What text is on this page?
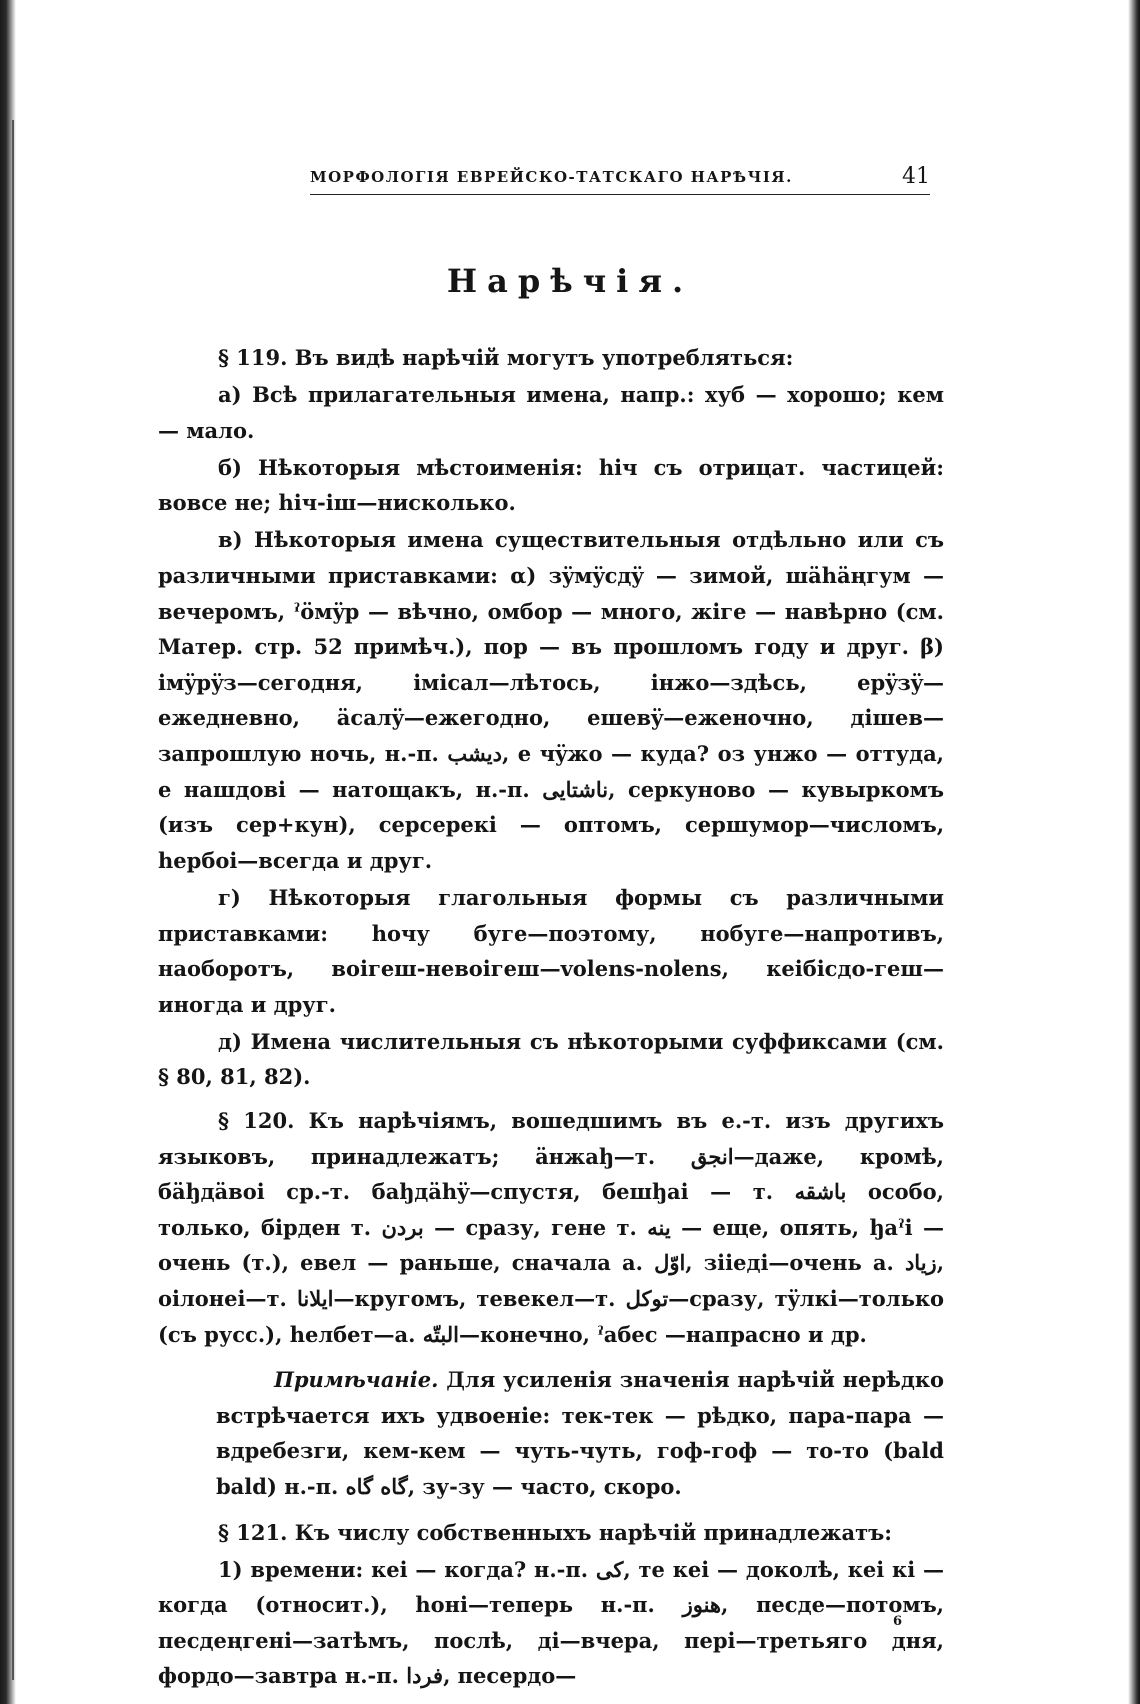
МОРФОЛОГІЯ ЕВРЕЙСКО-ТАТСКАГО НАРѢЧІЯ.	41
Нарѣчія.

§ 119. Въ видѣ нарѣчій могутъ употребляться:

а) Всѣ прилагательныя имена, напр.: хуб — хорошо; кем — мало.

б) Нѣкоторыя мѣстоименія: hiч съ отрицат. частицей: вовсе не; hiч-iш—нисколько.

в) Нѣкоторыя имена существительныя отдѣльно или съ различными приставками: α) зÿмÿсдÿ — зимой, шähäңгум — вечеромъ, ˀöмÿр — вѣчно, омбор — много, жiге — навѣрно (см. Матер. стр. 52 примѣч.), пор — въ прошломъ году и друг. β) iмÿрÿз—сегодня, iмiсал—лѣтось, iнжо—здѣсь, ерÿзÿ—ежедневно, äсалÿ—ежегодно, ешевÿ—еженочно, дiшев—запрошлую ночь, н.-п. دیشب, е чÿжо — куда? оз унжо — оттуда, е нашдовi — натощакъ, н.-п. ناشتایی, серкуново — кувыркомъ (изъ сер+кун), серсерекi — оптомъ, сершумор—числомъ, hербоi—всегда и друг.

г) Нѣкоторыя глагольныя формы съ различными приставками: hочу буге—поэтому, нобуге—напротивъ, наоборотъ, воiгеш-невоiгеш—volens-nolens, кеiбiсдо-геш—иногда и друг.

д) Имена числительныя съ нѣкоторыми суффиксами (см. § 80, 81, 82).

§ 120. Къ нарѣчiямъ, вошедшимъ въ е.-т. изъ другихъ языковъ, принадлежатъ; äнжаꜧ—т. انجق—даже, кромѣ, бäꜧдäвоi ср.-т. баꜧдähÿ—спустя, бешꜧаi — т. باشقه особо, только, бiрден т. بردن — сразу, гене т. ینه — еще, опять, ꜧаˀi — очень (т.), евел — раньше, сначала а. اوّل, зiiедi—очень а. زیاد, оiлонеi—т. ایلانا—кругомъ, тевекел—т. توکل—сразу, тÿлкi—только (съ русс.), hелбет—а. البتّه—конечно, ˀабес —напрасно и др.

Примѣчаніе. Для усиленія значенія нарѣчій нерѣдко встрѣчается ихъ удвоеніе: тек-тек — рѣдко, пара-пара — вдребезги, кем-кем — чуть-чуть, гоф-гоф — то-то (bald bald) н.-п. گاه گاه, зу-зу — часто, скоро.

§ 121. Къ числу собственныхъ нарѣчій принадлежатъ:

1) времени: кеi — когда? н.-п. کی, те кеi — доколѣ, кеi кi — когда (относит.), hонi—теперь н.-п. هنوز, песде—потомъ, песдеңгенi—затѣмъ, послѣ, дi—вчера, перi—третьяго дня, фордо—завтра н.-п. فردا, песердо—

6
